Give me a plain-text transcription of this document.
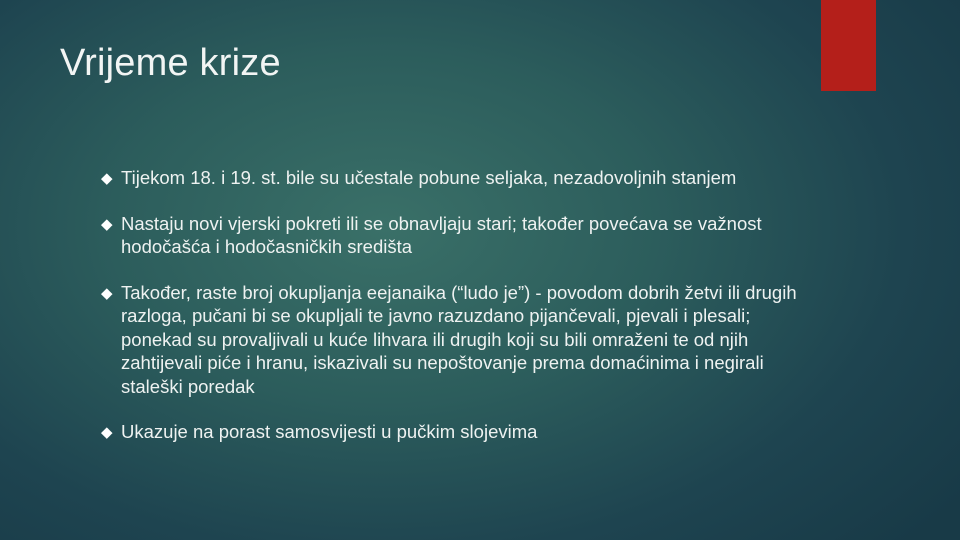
Vrijeme krize
◆ Tijekom 18. i 19. st. bile su učestale pobune seljaka, nezadovoljnih stanjem
◆ Nastaju novi vjerski pokreti ili se obnavljaju stari; također povećava se važnost hodočašća i hodočasničkih središta
◆ Također, raste broj okupljanja eejanaika (“ludo je”) - povodom dobrih žetvi ili drugih razloga, pučani bi se okupljali te javno razuzdano pijančevali, pjevali i plesali; ponekad su provaljivali u kuće lihvara ili drugih koji su bili omraženi te od njih zahtijevali piće i hranu, iskazivali su nepoštovanje prema domaćinima i negirali staleški poredak
◆ Ukazuje na porast samosvijesti u pučkim slojevima
